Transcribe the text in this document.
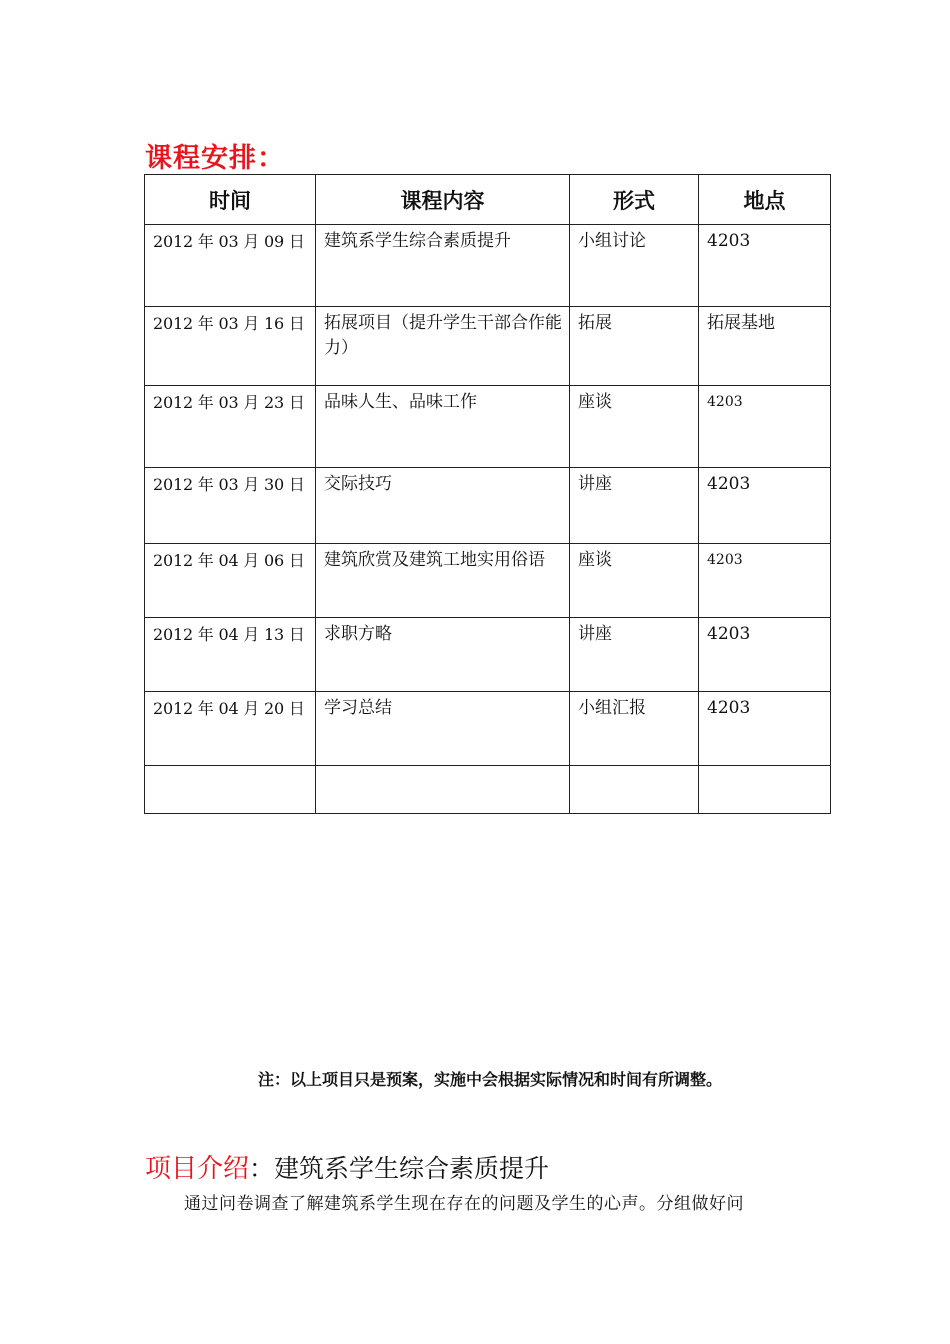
课程安排：
时间	课程内容	形式	地点
2012 年 03 月 09 日	建筑系学生综合素质提升	小组讨论	4203
2012 年 03 月 16 日	拓展项目（提升学生干部合作能力）	拓展	拓展基地
2012 年 03 月 23 日	品味人生、品味工作	座谈	4203
2012 年 03 月 30 日	交际技巧	讲座	4203
2012 年 04 月 06 日	建筑欣赏及建筑工地实用俗语	座谈	4203
2012 年 04 月 13 日	求职方略	讲座	4203
2012 年 04 月 20 日	学习总结	小组汇报	4203

注：以上项目只是预案，实施中会根据实际情况和时间有所调整。
项目介绍：建筑系学生综合素质提升
通过问卷调查了解建筑系学生现在存在的问题及学生的心声。分组做好问
